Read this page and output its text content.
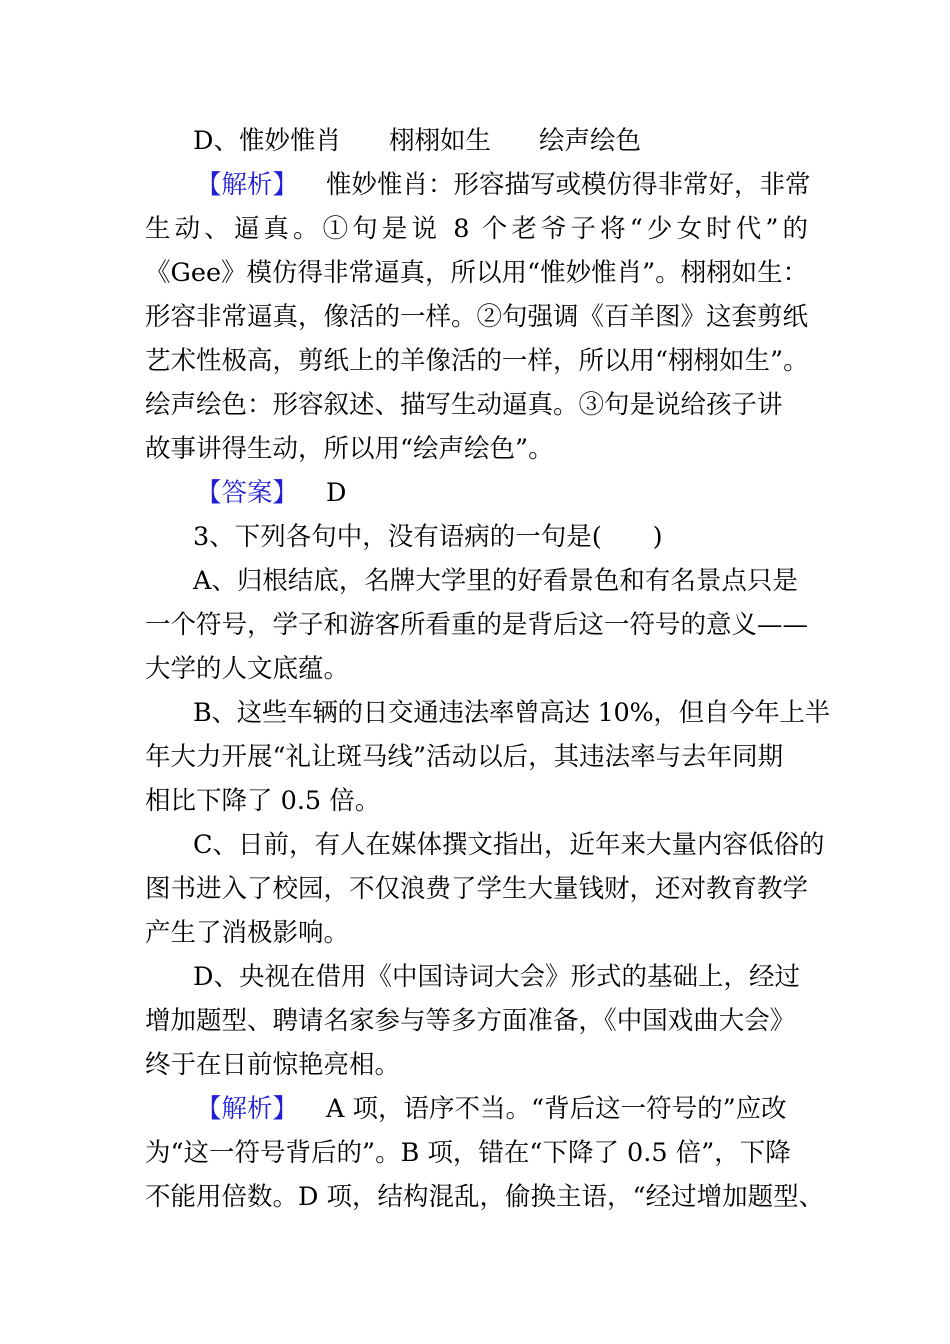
D、惟妙惟肖 栩栩如生 绘声绘色
【解析】 惟妙惟肖：形容描写或模仿得非常好，非常
生动、逼真。①句是说 8 个老爷子将“少女时代”的
《Gee》模仿得非常逼真，所以用“惟妙惟肖”。栩栩如生：
形容非常逼真，像活的一样。②句强调《百羊图》这套剪纸
艺术性极高，剪纸上的羊像活的一样，所以用“栩栩如生”。
绘声绘色：形容叙述、描写生动逼真。③句是说给孩子讲
故事讲得生动，所以用“绘声绘色”。
【答案】 D
3、下列各句中，没有语病的一句是(　　)
A、归根结底，名牌大学里的好看景色和有名景点只是
一个符号，学子和游客所看重的是背后这一符号的意义——
大学的人文底蕴。
B、这些车辆的日交通违法率曾高达 10%，但自今年上半
年大力开展“礼让斑马线”活动以后，其违法率与去年同期
相比下降了 0.5 倍。
C、日前，有人在媒体撰文指出，近年来大量内容低俗的
图书进入了校园，不仅浪费了学生大量钱财，还对教育教学
产生了消极影响。
D、央视在借用《中国诗词大会》形式的基础上，经过
增加题型、聘请名家参与等多方面准备，《中国戏曲大会》
终于在日前惊艳亮相。
【解析】 A 项，语序不当。“背后这一符号的”应改
为“这一符号背后的”。B 项，错在“下降了 0.5 倍”，下降
不能用倍数。D 项，结构混乱，偷换主语，“经过增加题型、
